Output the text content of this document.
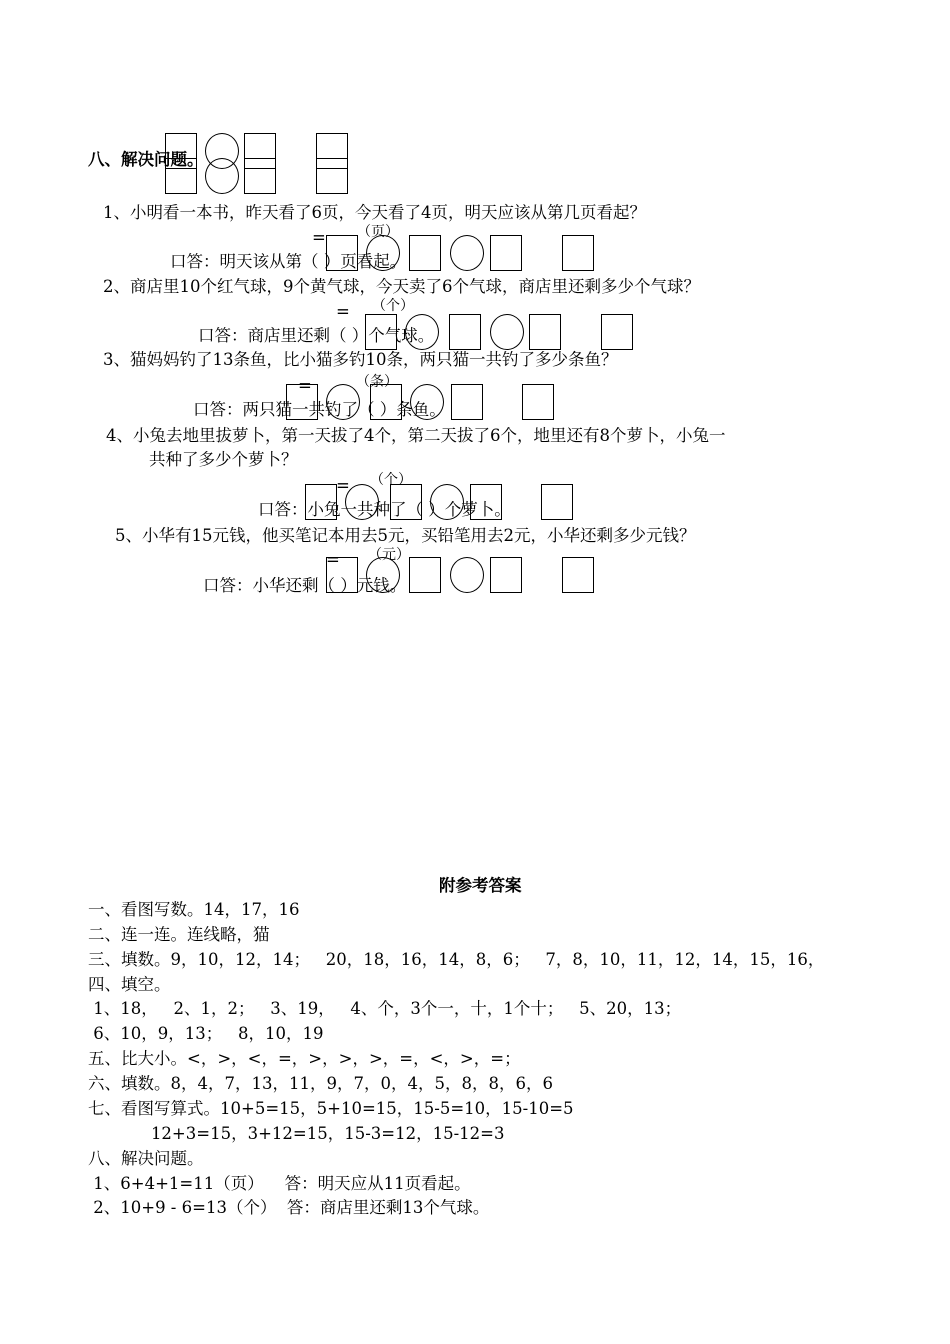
八、解决问题。
1、小明看一本书，昨天看了6页，今天看了4页，明天应该从第几页看起？
= （页）
口答：明天该从第（ ）页看起。
2、商店里10个红气球，9个黄气球，今天卖了6个气球，商店里还剩多少个气球？
= （个）
口答：商店里还剩（ ）个气球。
3、猫妈妈钓了13条鱼，比小猫多钓10条，两只猫一共钓了多少条鱼？
=	（条）
口答：两只猫一共钓了（ ）条鱼。
4、小兔去地里拔萝卜，第一天拔了4个，第二天拔了6个，地里还有8个萝卜，小兔一
共种了多少个萝卜？
= （个）
口答：小兔一共种了（ ）个萝卜。
5、小华有15元钱，他买笔记本用去5元，买铅笔用去2元，小华还剩多少元钱？
= （元）
口答：小华还剩（ ）元钱。
附参考答案
一、看图写数。14，17，16
二、连一连。连线略，猫
三、填数。9，10，12，14；   20，18，16，14，8，6；   7，8，10，11，12，14，15，16，
四、填空。
1、18，   2、1，2；   3、19，   4、个，3个一，十，1个十；   5、20，13；
6、10，9，13；   8，10，19
五、比大小。<，>，<，=，>，>，>，=，<，>，=；
六、填数。8，4，7，13，11，9，7，0，4，5，8，8，6，6
七、看图写算式。10+5=15，5+10=15，15-5=10，15-10=5
12+3=15，3+12=15，15-3=12，15-12=3
八、解决问题。
1、6+4+1=11（页）    答：明天应从11页看起。
2、10+9 - 6=13（个）  答：商店里还剩13个气球。
